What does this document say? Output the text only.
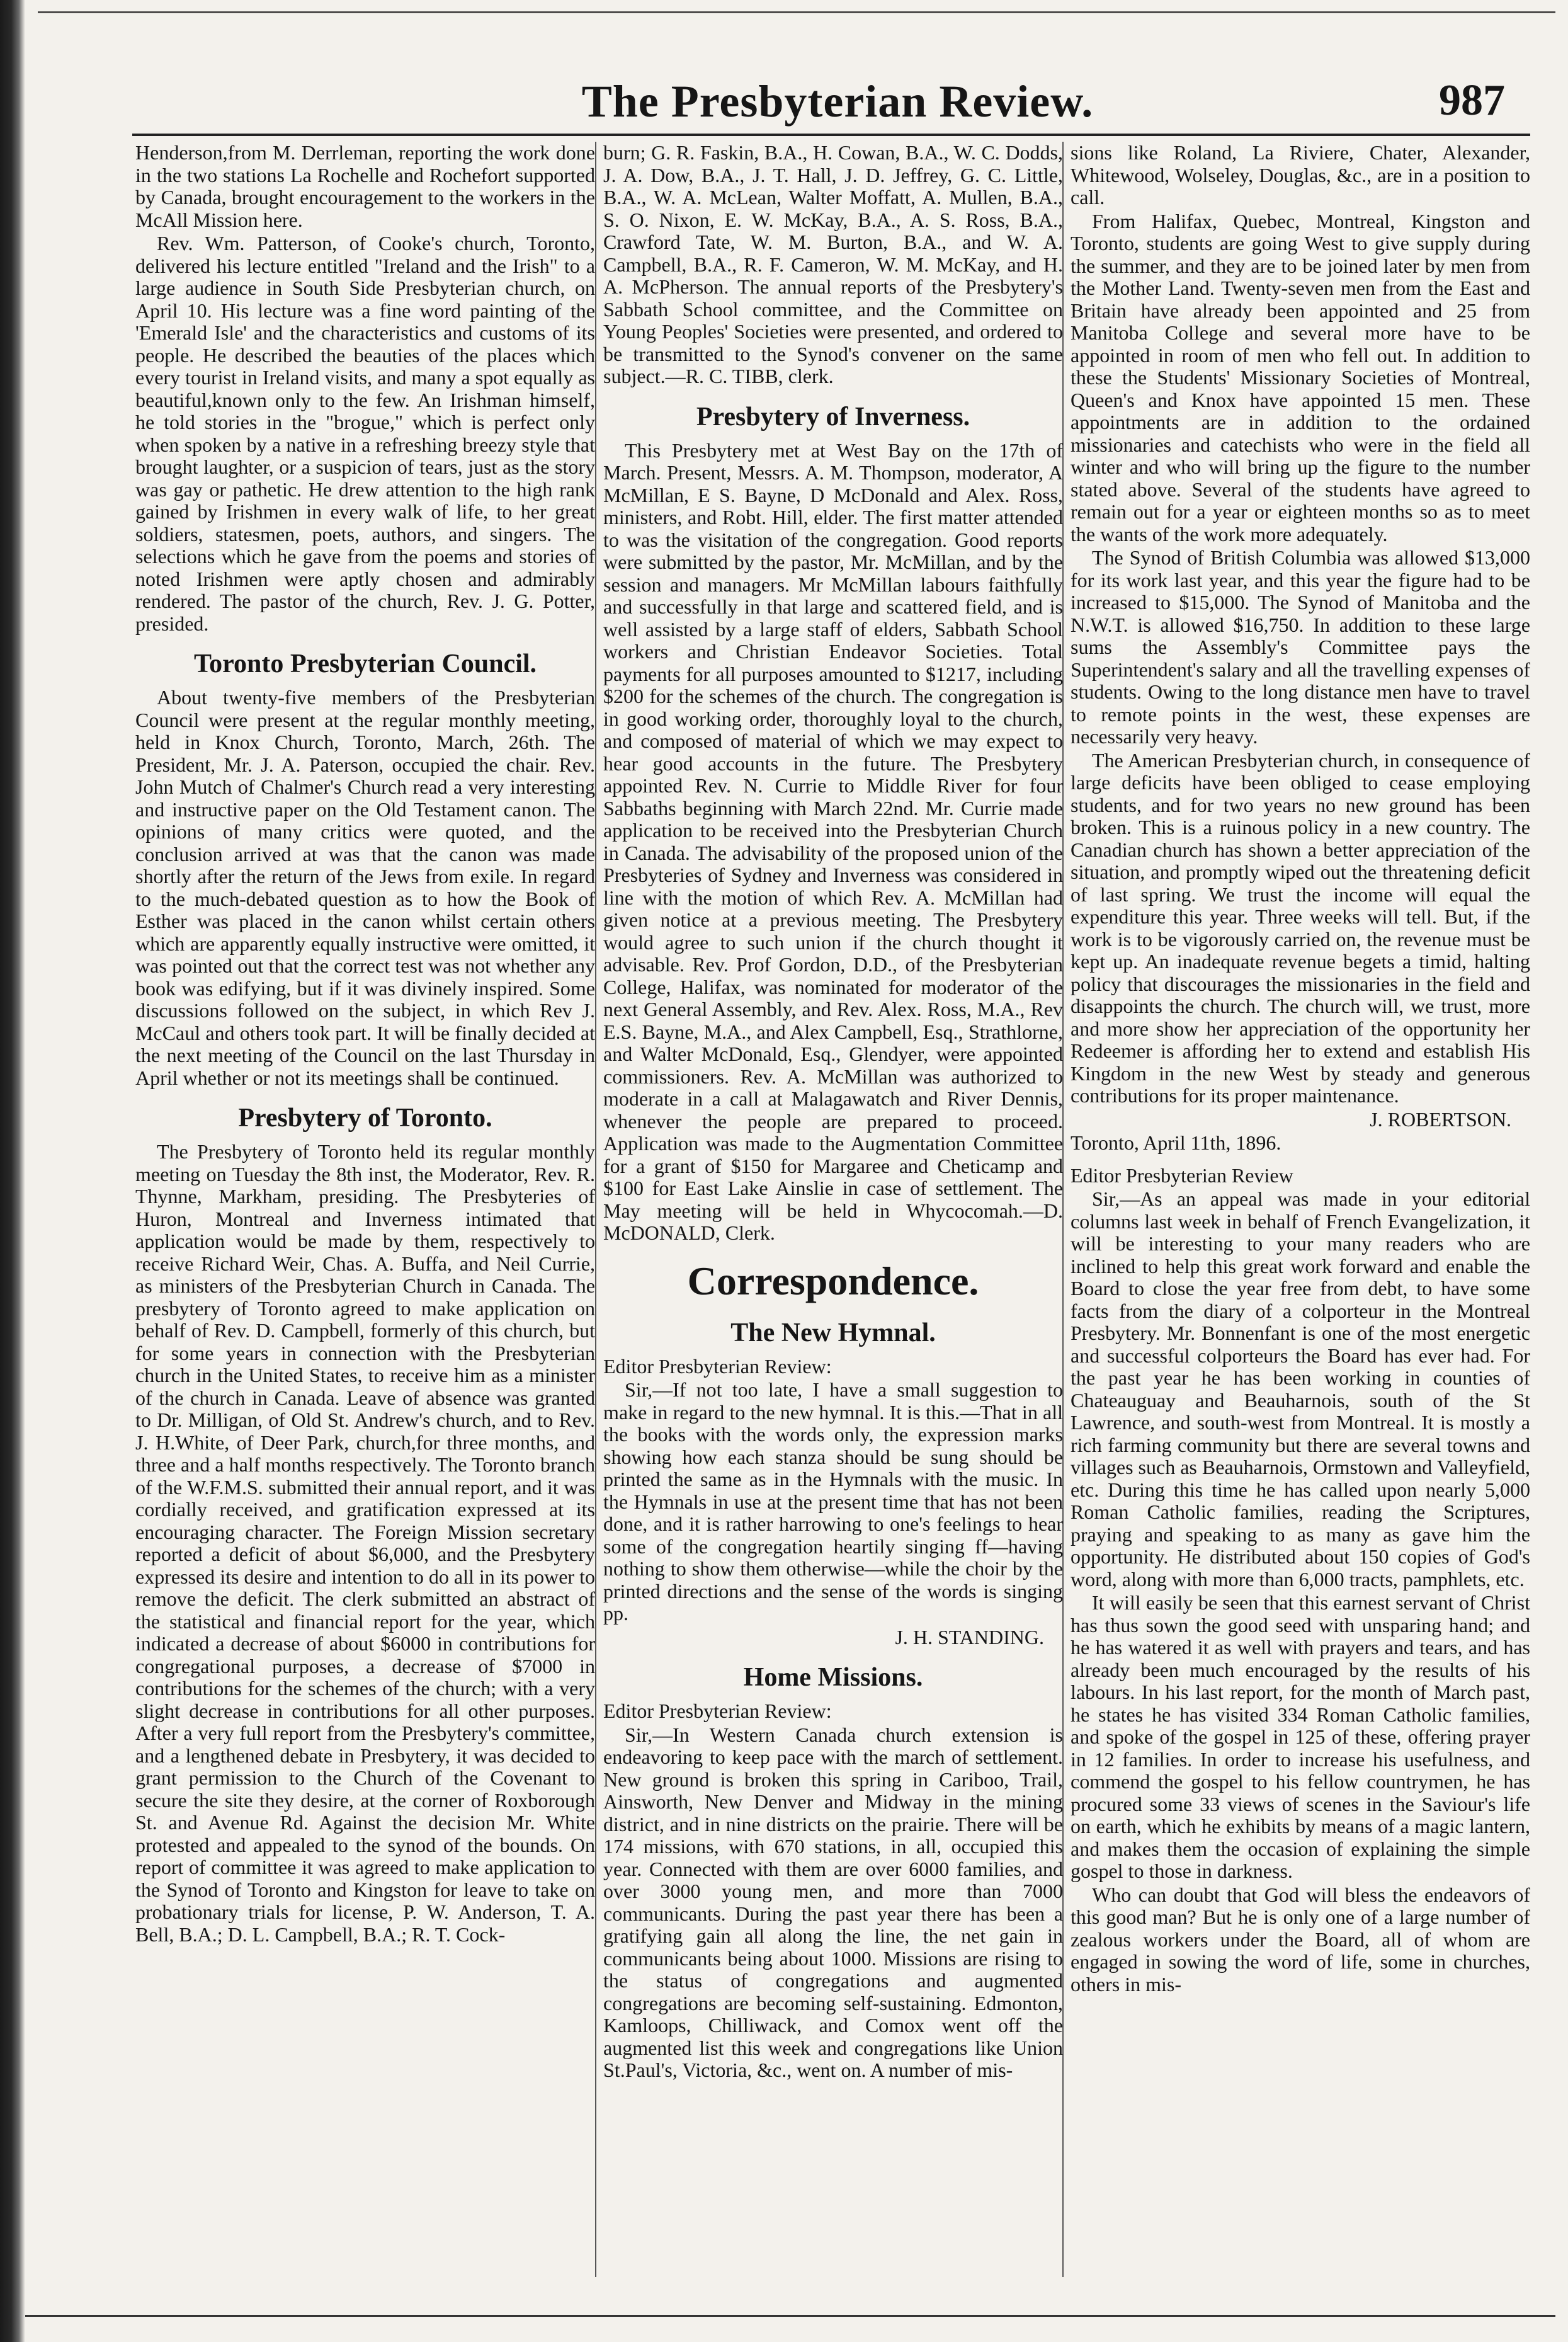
The Presbyterian Review.	987

Henderson,from M. Derrleman, reporting the work done in the two stations La Rochelle and Rochefort supported by Canada, brought encouragement to the workers in the McAll Mission here.

Rev. Wm. Patterson, of Cooke's church, Toronto, delivered his lecture entitled "Ireland and the Irish" to a large audience in South Side Presbyterian church, on April 10. His lecture was a fine word painting of the 'Emerald Isle' and the characteristics and customs of its people. He described the beauties of the places which every tourist in Ireland visits, and many a spot equally as beautiful,known only to the few. An Irishman himself, he told stories in the "brogue," which is perfect only when spoken by a native in a refreshing breezy style that brought laughter, or a suspicion of tears, just as the story was gay or pathetic. He drew attention to the high rank gained by Irishmen in every walk of life, to her great soldiers, statesmen, poets, authors, and singers. The selections which he gave from the poems and stories of noted Irishmen were aptly chosen and admirably rendered. The pastor of the church, Rev. J. G. Potter, presided.

Toronto Presbyterian Council.

About twenty-five members of the Presbyterian Council were present at the regular monthly meeting, held in Knox Church, Toronto, March, 26th. The President, Mr. J. A. Paterson, occupied the chair. Rev. John Mutch of Chalmer's Church read a very interesting and instructive paper on the Old Testament canon. The opinions of many critics were quoted, and the conclusion arrived at was that the canon was made shortly after the return of the Jews from exile. In regard to the much-debated question as to how the Book of Esther was placed in the canon whilst certain others which are apparently equally instructive were omitted, it was pointed out that the correct test was not whether any book was edifying, but if it was divinely inspired. Some discussions followed on the subject, in which Rev J. McCaul and others took part. It will be finally decided at the next meeting of the Council on the last Thursday in April whether or not its meetings shall be continued.

Presbytery of Toronto.

The Presbytery of Toronto held its regular monthly meeting on Tuesday the 8th inst, the Moderator, Rev. R. Thynne, Markham, presiding. The Presbyteries of Huron, Montreal and Inverness intimated that application would be made by them, respectively to receive Richard Weir, Chas. A. Buffa, and Neil Currie, as ministers of the Presbyterian Church in Canada. The presbytery of Toronto agreed to make application on behalf of Rev. D. Campbell, formerly of this church, but for some years in connection with the Presbyterian church in the United States, to receive him as a minister of the church in Canada. Leave of absence was granted to Dr. Milligan, of Old St. Andrew's church, and to Rev. J. H.White, of Deer Park, church,for three months, and three and a half months respectively. The Toronto branch of the W.F.M.S. submitted their annual report, and it was cordially received, and gratification expressed at its encouraging character. The Foreign Mission secretary reported a deficit of about $6,000, and the Presbytery expressed its desire and intention to do all in its power to remove the deficit. The clerk submitted an abstract of the statistical and financial report for the year, which indicated a decrease of about $6000 in contributions for congregational purposes, a decrease of $7000 in contributions for the schemes of the church; with a very slight decrease in contributions for all other purposes. After a very full report from the Presbytery's committee, and a lengthened debate in Presbytery, it was decided to grant permission to the Church of the Covenant to secure the site they desire, at the corner of Roxborough St. and Avenue Rd. Against the decision Mr. White protested and appealed to the synod of the bounds. On report of committee it was agreed to make application to the Synod of Toronto and Kingston for leave to take on probationary trials for license, P. W. Anderson, T. A. Bell, B.A.; D. L. Campbell, B.A.; R. T. Cock-

burn; G. R. Faskin, B.A., H. Cowan, B.A., W. C. Dodds, J. A. Dow, B.A., J. T. Hall, J. D. Jeffrey, G. C. Little, B.A., W. A. McLean, Walter Moffatt, A. Mullen, B.A., S. O. Nixon, E. W. McKay, B.A., A. S. Ross, B.A., Crawford Tate, W. M. Burton, B.A., and W. A. Campbell, B.A., R. F. Cameron, W. M. McKay, and H. A. McPherson. The annual reports of the Presbytery's Sabbath School committee, and the Committee on Young Peoples' Societies were presented, and ordered to be transmitted to the Synod's convener on the same subject.—R. C. TIBB, clerk.

Presbytery of Inverness.

This Presbytery met at West Bay on the 17th of March. Present, Messrs. A. M. Thompson, moderator, A McMillan, E S. Bayne, D McDonald and Alex. Ross, ministers, and Robt. Hill, elder. The first matter attended to was the visitation of the congregation. Good reports were submitted by the pastor, Mr. McMillan, and by the session and managers. Mr McMillan labours faithfully and successfully in that large and scattered field, and is well assisted by a large staff of elders, Sabbath School workers and Christian Endeavor Societies. Total payments for all purposes amounted to $1217, including $200 for the schemes of the church. The congregation is in good working order, thoroughly loyal to the church, and composed of material of which we may expect to hear good accounts in the future. The Presbytery appointed Rev. N. Currie to Middle River for four Sabbaths beginning with March 22nd. Mr. Currie made application to be received into the Presbyterian Church in Canada. The advisability of the proposed union of the Presbyteries of Sydney and Inverness was considered in line with the motion of which Rev. A. McMillan had given notice at a previous meeting. The Presbytery would agree to such union if the church thought it advisable. Rev. Prof Gordon, D.D., of the Presbyterian College, Halifax, was nominated for moderator of the next General Assembly, and Rev. Alex. Ross, M.A., Rev E.S. Bayne, M.A., and Alex Campbell, Esq., Strathlorne, and Walter McDonald, Esq., Glendyer, were appointed commissioners. Rev. A. McMillan was authorized to moderate in a call at Malagawatch and River Dennis, whenever the people are prepared to proceed. Application was made to the Augmentation Committee for a grant of $150 for Margaree and Cheticamp and $100 for East Lake Ainslie in case of settlement. The May meeting will be held in Whycocomah.—D. McDONALD, Clerk.

Correspondence.
The New Hymnal.

Editor Presbyterian Review:

Sir,—If not too late, I have a small suggestion to make in regard to the new hymnal. It is this.—That in all the books with the words only, the expression marks showing how each stanza should be sung should be printed the same as in the Hymnals with the music. In the Hymnals in use at the present time that has not been done, and it is rather harrowing to one's feelings to hear some of the congregation heartily singing ff—having nothing to show them otherwise—while the choir by the printed directions and the sense of the words is singing pp.

J. H. STANDING.

Home Missions.

Editor Presbyterian Review:

Sir,—In Western Canada church extension is endeavoring to keep pace with the march of settlement. New ground is broken this spring in Cariboo, Trail, Ainsworth, New Denver and Midway in the mining district, and in nine districts on the prairie. There will be 174 missions, with 670 stations, in all, occupied this year. Connected with them are over 6000 families, and over 3000 young men, and more than 7000 communicants. During the past year there has been a gratifying gain all along the line, the net gain in communicants being about 1000. Missions are rising to the status of congregations and augmented congregations are becoming self-sustaining. Edmonton, Kamloops, Chilliwack, and Comox went off the augmented list this week and congregations like Union St.Paul's, Victoria, &c., went on. A number of mis-

sions like Roland, La Riviere, Chater, Alexander, Whitewood, Wolseley, Douglas, &c., are in a position to call.

From Halifax, Quebec, Montreal, Kingston and Toronto, students are going West to give supply during the summer, and they are to be joined later by men from the Mother Land. Twenty-seven men from the East and Britain have already been appointed and 25 from Manitoba College and several more have to be appointed in room of men who fell out. In addition to these the Students' Missionary Societies of Montreal, Queen's and Knox have appointed 15 men. These appointments are in addition to the ordained missionaries and catechists who were in the field all winter and who will bring up the figure to the number stated above. Several of the students have agreed to remain out for a year or eighteen months so as to meet the wants of the work more adequately.

The Synod of British Columbia was allowed $13,000 for its work last year, and this year the figure had to be increased to $15,000. The Synod of Manitoba and the N.W.T. is allowed $16,750. In addition to these large sums the Assembly's Committee pays the Superintendent's salary and all the travelling expenses of students. Owing to the long distance men have to travel to remote points in the west, these expenses are necessarily very heavy.

The American Presbyterian church, in consequence of large deficits have been obliged to cease employing students, and for two years no new ground has been broken. This is a ruinous policy in a new country. The Canadian church has shown a better appreciation of the situation, and promptly wiped out the threatening deficit of last spring. We trust the income will equal the expenditure this year. Three weeks will tell. But, if the work is to be vigorously carried on, the revenue must be kept up. An inadequate revenue begets a timid, halting policy that discourages the missionaries in the field and disappoints the church. The church will, we trust, more and more show her appreciation of the opportunity her Redeemer is affording her to extend and establish His Kingdom in the new West by steady and generous contributions for its proper maintenance.

J. ROBERTSON.

Toronto, April 11th, 1896.

Editor Presbyterian Review

Sir,—As an appeal was made in your editorial columns last week in behalf of French Evangelization, it will be interesting to your many readers who are inclined to help this great work forward and enable the Board to close the year free from debt, to have some facts from the diary of a colporteur in the Montreal Presbytery. Mr. Bonnenfant is one of the most energetic and successful colporteurs the Board has ever had. For the past year he has been working in counties of Chateauguay and Beauharnois, south of the St Lawrence, and south-west from Montreal. It is mostly a rich farming community but there are several towns and villages such as Beauharnois, Ormstown and Valleyfield, etc. During this time he has called upon nearly 5,000 Roman Catholic families, reading the Scriptures, praying and speaking to as many as gave him the opportunity. He distributed about 150 copies of God's word, along with more than 6,000 tracts, pamphlets, etc.

It will easily be seen that this earnest servant of Christ has thus sown the good seed with unsparing hand; and he has watered it as well with prayers and tears, and has already been much encouraged by the results of his labours. In his last report, for the month of March past, he states he has visited 334 Roman Catholic families, and spoke of the gospel in 125 of these, offering prayer in 12 families. In order to increase his usefulness, and commend the gospel to his fellow countrymen, he has procured some 33 views of scenes in the Saviour's life on earth, which he exhibits by means of a magic lantern, and makes them the occasion of explaining the simple gospel to those in darkness.

Who can doubt that God will bless the endeavors of this good man? But he is only one of a large number of zealous workers under the Board, all of whom are engaged in sowing the word of life, some in churches, others in mis-
